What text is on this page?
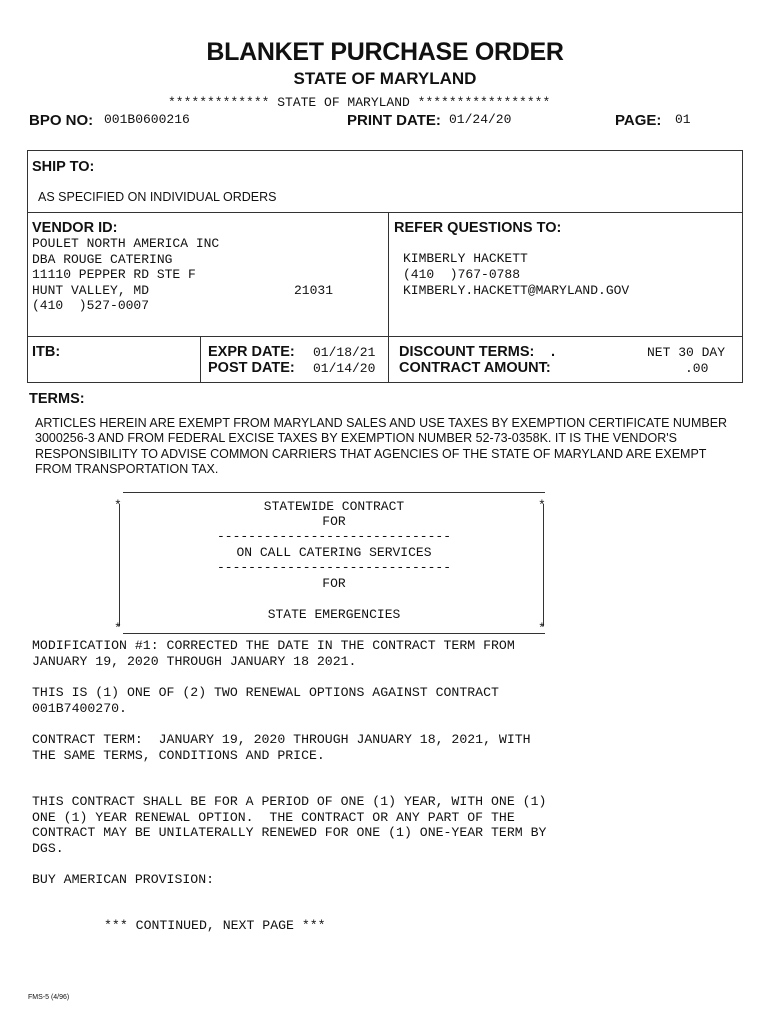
BLANKET PURCHASE ORDER
STATE OF MARYLAND
************* STATE OF MARYLAND *****************
BPO NO: 001B0600216	PRINT DATE: 01/24/20	PAGE: 01
SHIP TO:
AS SPECIFIED ON INDIVIDUAL ORDERS
VENDOR ID:
POULET NORTH AMERICA INC
DBA ROUGE CATERING
11110 PEPPER RD STE F
HUNT VALLEY, MD	21031
(410  )527-0007
REFER QUESTIONS TO:
KIMBERLY HACKETT
(410  )767-0788
KIMBERLY.HACKETT@MARYLAND.GOV
ITB:	EXPR DATE: 01/18/21
POST DATE: 01/14/20
DISCOUNT TERMS: .	NET 30 DAY
CONTRACT AMOUNT:	.00
TERMS:
ARTICLES HEREIN ARE EXEMPT FROM MARYLAND SALES AND USE TAXES BY EXEMPTION CERTIFICATE NUMBER 3000256-3 AND FROM FEDERAL EXCISE TAXES BY EXEMPTION NUMBER 52-73-0358K. IT IS THE VENDOR'S RESPONSIBILITY TO ADVISE COMMON CARRIERS THAT AGENCIES OF THE STATE OF MARYLAND ARE EXEMPT FROM TRANSPORTATION TAX.
*	*
*	*
STATEWIDE CONTRACT
FOR
------------------------------
ON CALL CATERING SERVICES
------------------------------
FOR
STATE EMERGENCIES
MODIFICATION #1: CORRECTED THE DATE IN THE CONTRACT TERM FROM
JANUARY 19, 2020 THROUGH JANUARY 18 2021.
THIS IS (1) ONE OF (2) TWO RENEWAL OPTIONS AGAINST CONTRACT
001B7400270.
CONTRACT TERM:  JANUARY 19, 2020 THROUGH JANUARY 18, 2021, WITH
THE SAME TERMS, CONDITIONS AND PRICE.
THIS CONTRACT SHALL BE FOR A PERIOD OF ONE (1) YEAR, WITH ONE (1)
ONE (1) YEAR RENEWAL OPTION.  THE CONTRACT OR ANY PART OF THE
CONTRACT MAY BE UNILATERALLY RENEWED FOR ONE (1) ONE-YEAR TERM BY
DGS.
BUY AMERICAN PROVISION:
*** CONTINUED, NEXT PAGE ***
FMS-5 (4/96)
